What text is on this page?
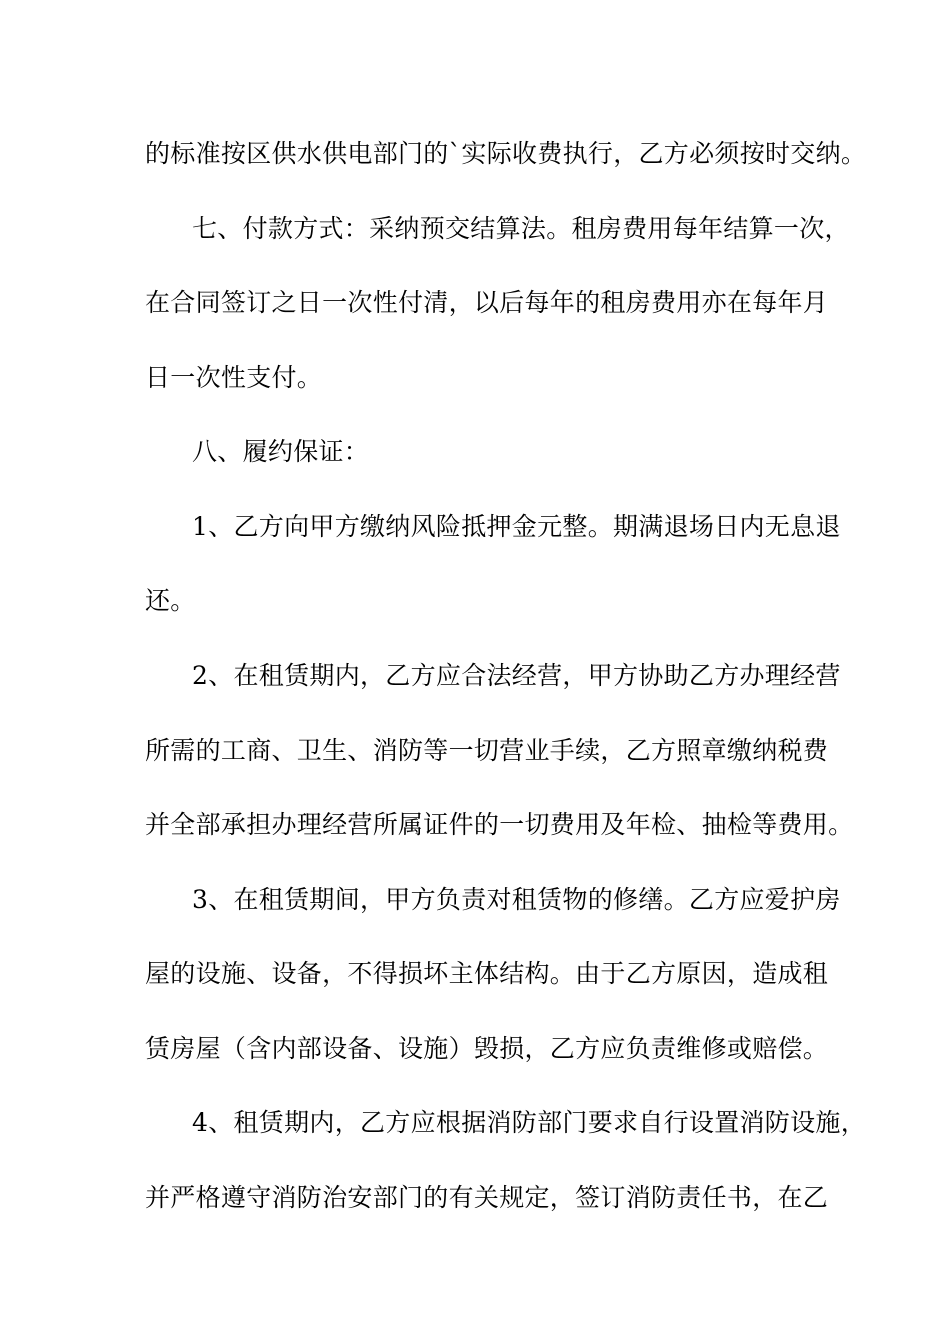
的标准按区供水供电部门的`实际收费执行，乙方必须按时交纳。
七、付款方式：采纳预交结算法。租房费用每年结算一次，
在合同签订之日一次性付清，以后每年的租房费用亦在每年月
日一次性支付。
八、履约保证：
1、乙方向甲方缴纳风险抵押金元整。期满退场日内无息退
还。
2、在租赁期内，乙方应合法经营，甲方协助乙方办理经营
所需的工商、卫生、消防等一切营业手续，乙方照章缴纳税费
并全部承担办理经营所属证件的一切费用及年检、抽检等费用。
3、在租赁期间，甲方负责对租赁物的修缮。乙方应爱护房
屋的设施、设备，不得损坏主体结构。由于乙方原因，造成租
赁房屋（含内部设备、设施）毁损，乙方应负责维修或赔偿。
4、租赁期内，乙方应根据消防部门要求自行设置消防设施，
并严格遵守消防治安部门的有关规定，签订消防责任书，在乙
